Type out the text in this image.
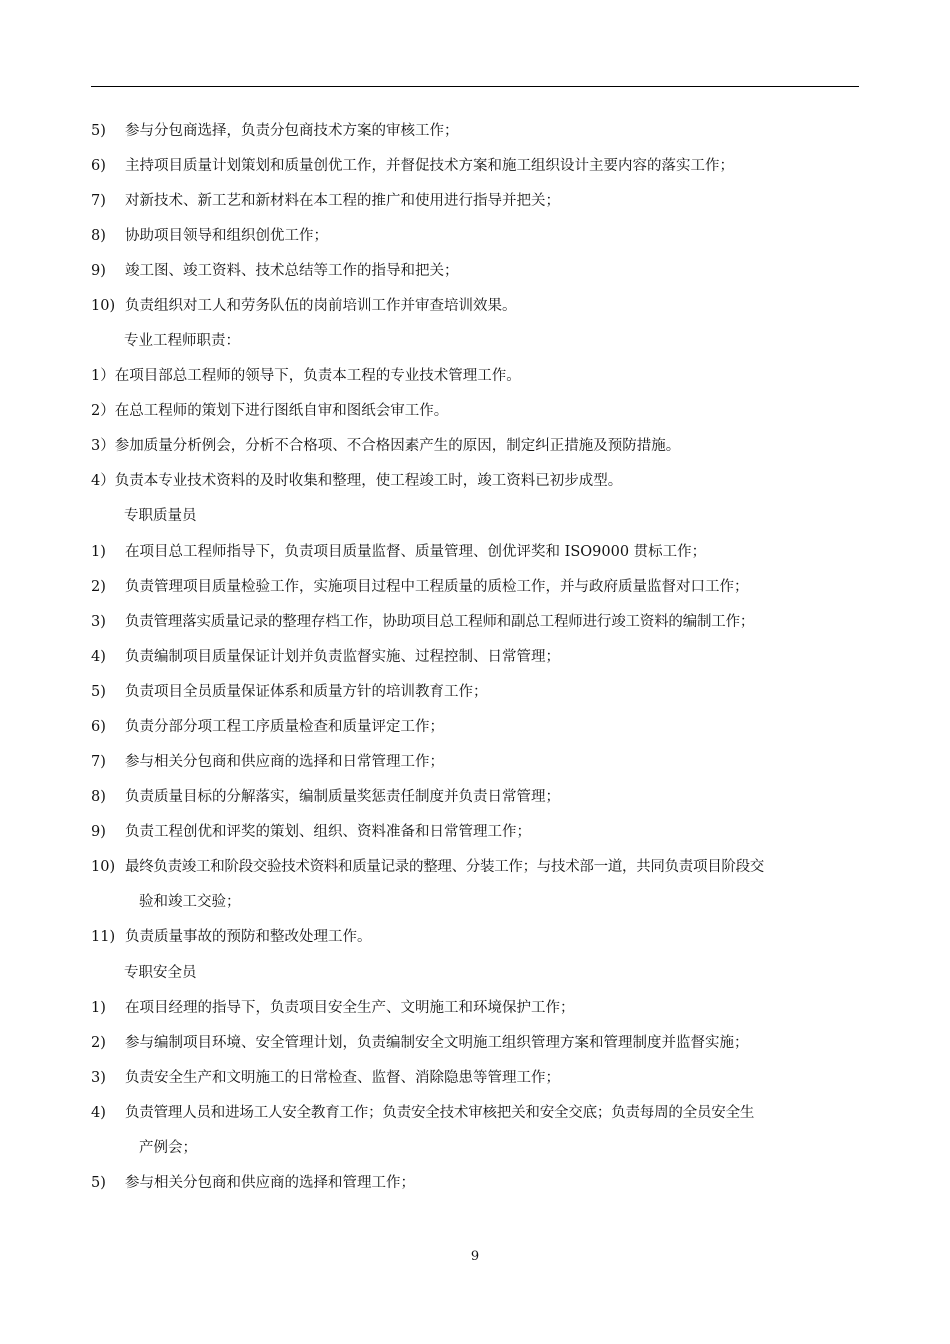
5) 参与分包商选择，负责分包商技术方案的审核工作；
6) 主持项目质量计划策划和质量创优工作，并督促技术方案和施工组织设计主要内容的落实工作；
7) 对新技术、新工艺和新材料在本工程的推广和使用进行指导并把关；
8) 协助项目领导和组织创优工作；
9) 竣工图、竣工资料、技术总结等工作的指导和把关；
10) 负责组织对工人和劳务队伍的岗前培训工作并审查培训效果。
专业工程师职责：
1）在项目部总工程师的领导下，负责本工程的专业技术管理工作。
2）在总工程师的策划下进行图纸自审和图纸会审工作。
3）参加质量分析例会，分析不合格项、不合格因素产生的原因，制定纠正措施及预防措施。
4）负责本专业技术资料的及时收集和整理，使工程竣工时，竣工资料已初步成型。
专职质量员
1) 在项目总工程师指导下，负责项目质量监督、质量管理、创优评奖和 ISO9000 贯标工作；
2) 负责管理项目质量检验工作，实施项目过程中工程质量的质检工作，并与政府质量监督对口工作；
3) 负责管理落实质量记录的整理存档工作，协助项目总工程师和副总工程师进行竣工资料的编制工作；
4) 负责编制项目质量保证计划并负责监督实施、过程控制、日常管理；
5) 负责项目全员质量保证体系和质量方针的培训教育工作；
6) 负责分部分项工程工序质量检查和质量评定工作；
7) 参与相关分包商和供应商的选择和日常管理工作；
8) 负责质量目标的分解落实，编制质量奖惩责任制度并负责日常管理；
9) 负责工程创优和评奖的策划、组织、资料准备和日常管理工作；
10) 最终负责竣工和阶段交验技术资料和质量记录的整理、分装工作；与技术部一道，共同负责项目阶段交
验和竣工交验；
11) 负责质量事故的预防和整改处理工作。
专职安全员
1) 在项目经理的指导下，负责项目安全生产、文明施工和环境保护工作；
2) 参与编制项目环境、安全管理计划，负责编制安全文明施工组织管理方案和管理制度并监督实施；
3) 负责安全生产和文明施工的日常检查、监督、消除隐患等管理工作；
4) 负责管理人员和进场工人安全教育工作；负责安全技术审核把关和安全交底；负责每周的全员安全生
产例会；
5) 参与相关分包商和供应商的选择和管理工作；
9
